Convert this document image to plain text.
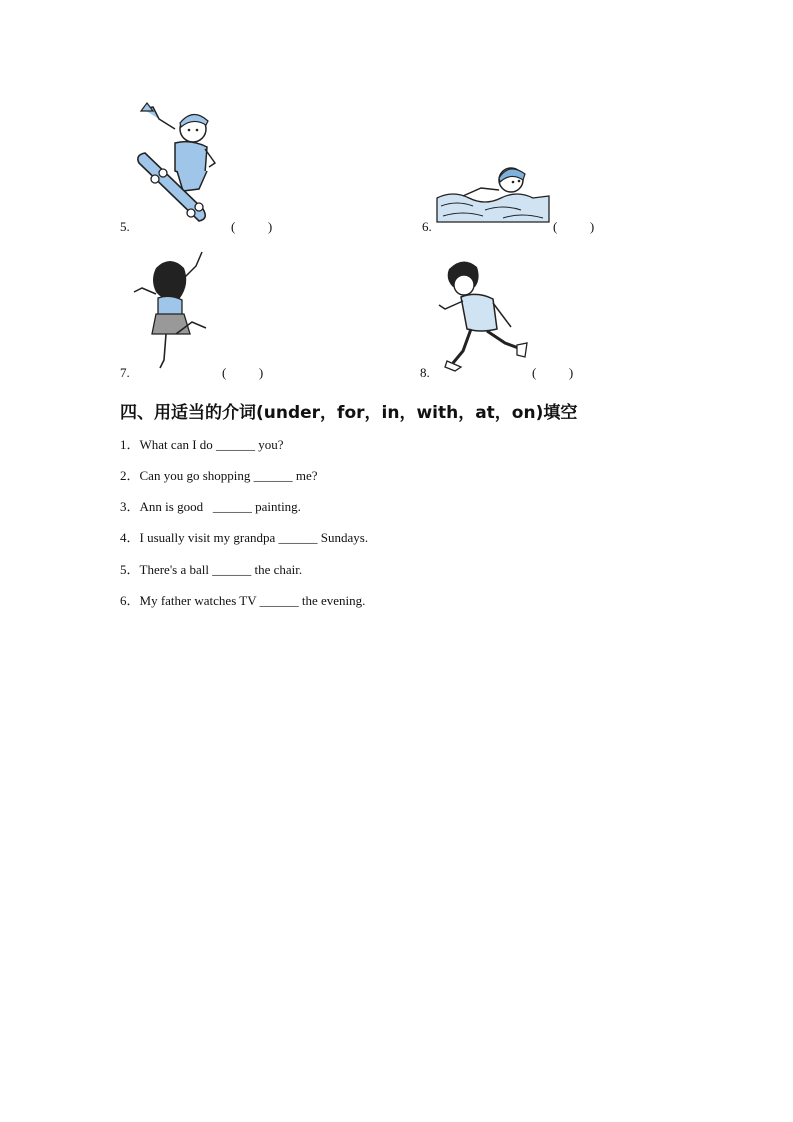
5.	(          )	6.	(          )
7.	(          )	8.	(          )
四、用适当的介词(under，for，in，with，at，on)填空
1．What can I do ______ you?
2．Can you go shopping ______ me?
3．Ann is good   ______ painting.
4．I usually visit my grandpa ______ Sundays.
5．There's a ball ______ the chair.
6．My father watches TV ______ the evening.
